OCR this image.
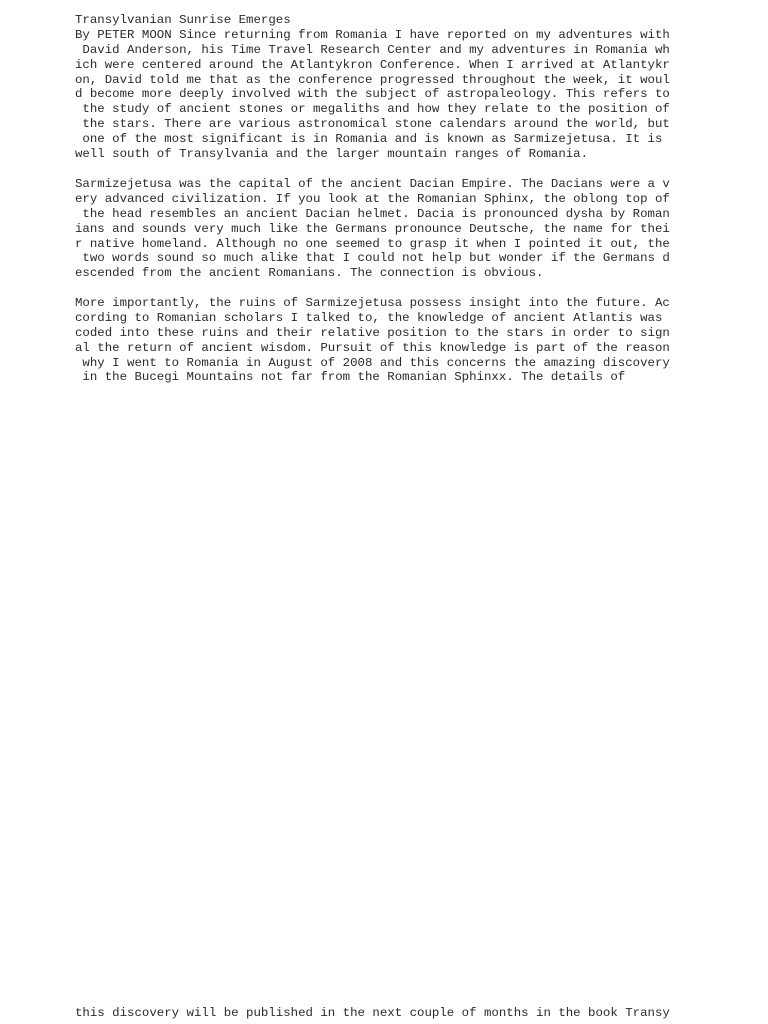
Transylvanian Sunrise Emerges
By PETER MOON Since returning from Romania I have reported on my adventures with
David Anderson, his Time Travel Research Center and my adventures in Romania wh
ich were centered around the Atlantykron Conference. When I arrived at Atlantykr
on, David told me that as the conference progressed throughout the week, it woul
d become more deeply involved with the subject of astropaleology. This refers to
the study of ancient stones or megaliths and how they relate to the position of
the stars. There are various astronomical stone calendars around the world, but
one of the most significant is in Romania and is known as Sarmizejetusa. It is
well south of Transylvania and the larger mountain ranges of Romania.
Sarmizejetusa was the capital of the ancient Dacian Empire. The Dacians were a v
ery advanced civilization. If you look at the Romanian Sphinx, the oblong top of
the head resembles an ancient Dacian helmet. Dacia is pronounced dysha by Roman
ians and sounds very much like the Germans pronounce Deutsche, the name for thei
r native homeland. Although no one seemed to grasp it when I pointed it out, the
two words sound so much alike that I could not help but wonder if the Germans d
escended from the ancient Romanians. The connection is obvious.
More importantly, the ruins of Sarmizejetusa possess insight into the future. Ac
cording to Romanian scholars I talked to, the knowledge of ancient Atlantis was
coded into these ruins and their relative position to the stars in order to sign
al the return of ancient wisdom. Pursuit of this knowledge is part of the reason
why I went to Romania in August of 2008 and this concerns the amazing discovery
in the Bucegi Mountains not far from the Romanian Sphinxx. The details of
this discovery will be published in the next couple of months in the book Transy
